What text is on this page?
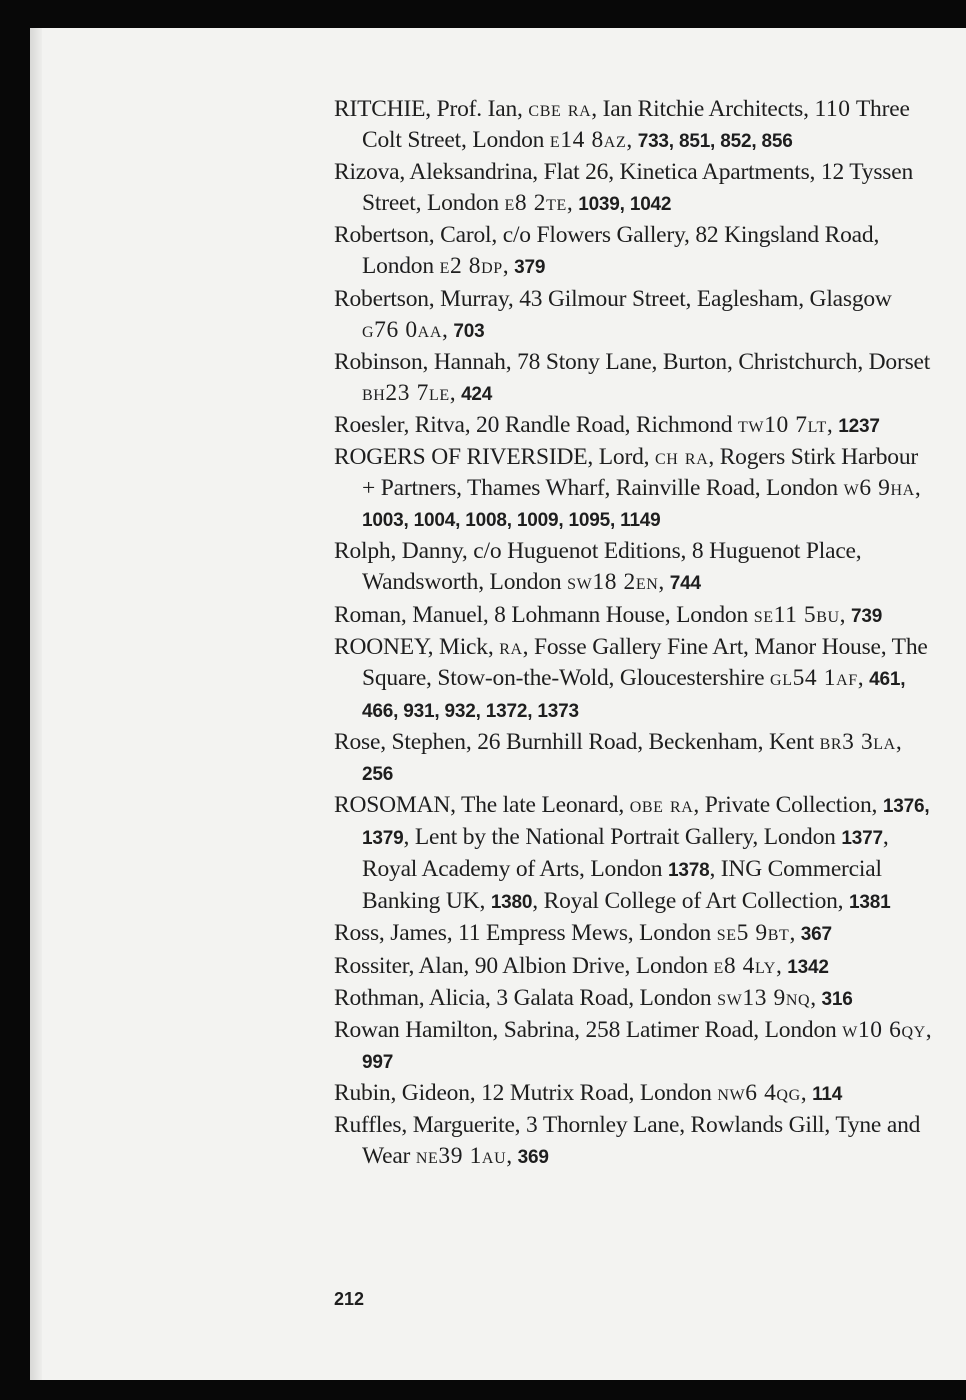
RITCHIE, Prof. Ian, cbe ra, Ian Ritchie Architects, 110 Three Colt Street, London e14 8az, 733, 851, 852, 856

Rizova, Aleksandrina, Flat 26, Kinetica Apartments, 12 Tyssen Street, London e8 2te, 1039, 1042

Robertson, Carol, c/o Flowers Gallery, 82 Kingsland Road, London e2 8dp, 379

Robertson, Murray, 43 Gilmour Street, Eaglesham, Glasgow g76 0aa, 703

Robinson, Hannah, 78 Stony Lane, Burton, Christchurch, Dorset bh23 7le, 424

Roesler, Ritva, 20 Randle Road, Richmond tw10 7lt, 1237

ROGERS OF RIVERSIDE, Lord, ch ra, Rogers Stirk Harbour + Partners, Thames Wharf, Rainville Road, London w6 9ha, 1003, 1004, 1008, 1009, 1095, 1149

Rolph, Danny, c/o Huguenot Editions, 8 Huguenot Place, Wandsworth, London sw18 2en, 744

Roman, Manuel, 8 Lohmann House, London se11 5bu, 739

ROONEY, Mick, ra, Fosse Gallery Fine Art, Manor House, The Square, Stow-on-the-Wold, Gloucestershire gl54 1af, 461, 466, 931, 932, 1372, 1373

Rose, Stephen, 26 Burnhill Road, Beckenham, Kent br3 3la, 256

ROSOMAN, The late Leonard, obe ra, Private Collection, 1376, 1379, Lent by the National Portrait Gallery, London 1377, Royal Academy of Arts, London 1378, ING Commercial Banking UK, 1380, Royal College of Art Collection, 1381

Ross, James, 11 Empress Mews, London se5 9bt, 367

Rossiter, Alan, 90 Albion Drive, London e8 4ly, 1342

Rothman, Alicia, 3 Galata Road, London sw13 9nq, 316

Rowan Hamilton, Sabrina, 258 Latimer Road, London w10 6qy, 997

Rubin, Gideon, 12 Mutrix Road, London nw6 4qg, 114

Ruffles, Marguerite, 3 Thornley Lane, Rowlands Gill, Tyne and Wear ne39 1au, 369

212
